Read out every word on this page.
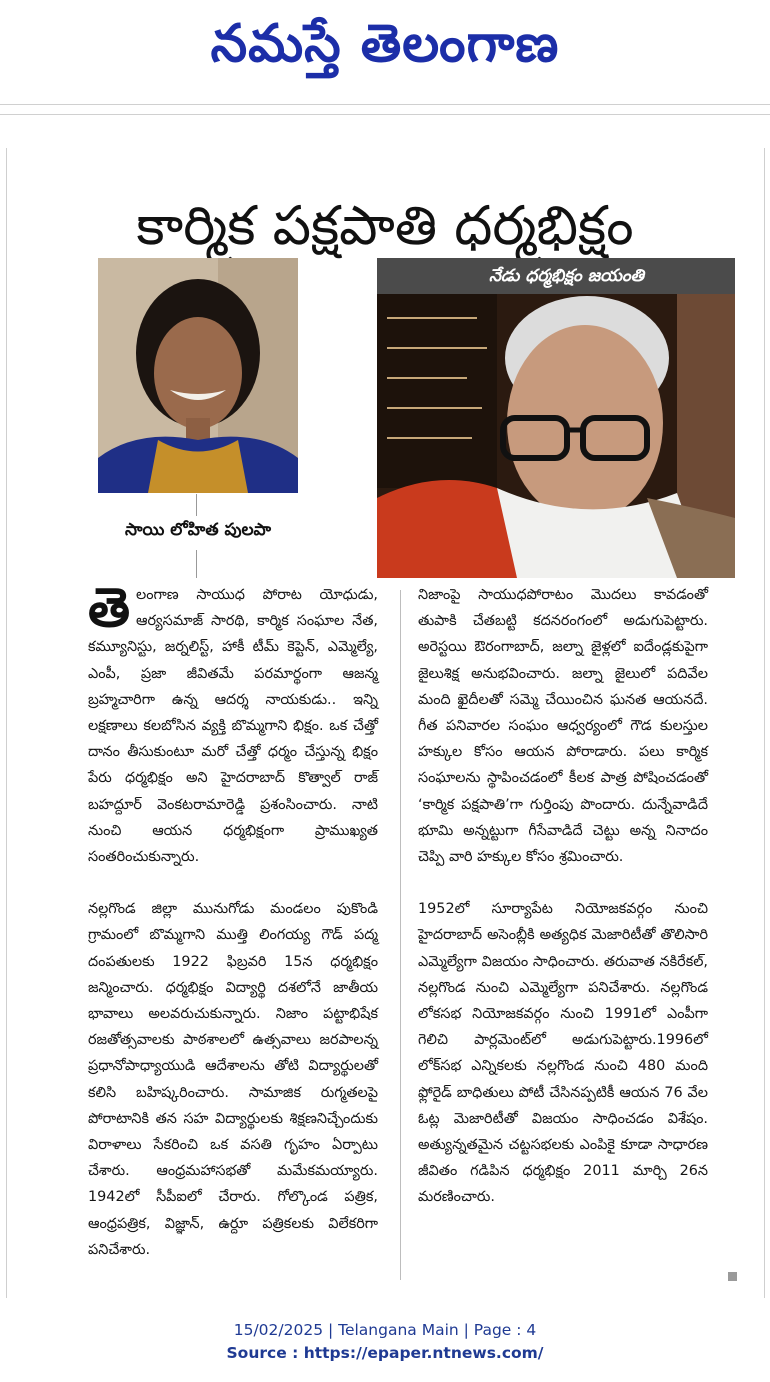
నమస్తే తెలంగాణ
కార్మిక పక్షపాతి ధర్మభిక్షం
నేడు ధర్మభిక్షం జయంతి
సాయి లోహిత పులపా

తెలంగాణ సాయుధ పోరాట యోధుడు, ఆర్యసమాజ్ సారథి, కార్మిక సంఘాల నేత, కమ్యూనిస్టు, జర్నలిస్ట్, హాకీ టీమ్ కెప్టెన్, ఎమ్మెల్యే, ఎంపీ, ప్రజా జీవితమే పరమార్థంగా ఆజన్మ బ్రహ్మచారిగా ఉన్న ఆదర్శ నాయకుడు.. ఇన్ని లక్షణాలు కలబోసిన వ్యక్తి బొమ్మగాని భిక్షం. ఒక చేత్తో దానం తీసుకుంటూ మరో చేత్తో ధర్మం చేస్తున్న భిక్షం పేరు ధర్మభిక్షం అని హైదరాబాద్ కొత్వాల్ రాజ్ బహద్దూర్ వెంకటరామారెడ్డి ప్రశంసించారు. నాటి నుంచి ఆయన ధర్మభిక్షంగా ప్రాముఖ్యత సంతరించుకున్నారు.

నల్లగొండ జిల్లా మునుగోడు మండలం పుకొండి గ్రామంలో బొమ్మగాని ముత్తి లింగయ్య గౌడ్ పద్మ దంపతులకు 1922 ఫిబ్రవరి 15న ధర్మభిక్షం జన్మించారు. ధర్మభిక్షం విద్యార్థి దశలోనే జాతీయ భావాలు అలవరుచుకున్నారు. నిజాం పట్టాభిషేక రజతోత్సవాలకు పాఠశాలలో ఉత్సవాలు జరపాలన్న ప్రధానోపాధ్యాయుడి ఆదేశాలను తోటి విద్యార్థులతో కలిసి బహిష్కరించారు. సామాజిక రుగ్మతలపై పోరాటానికి తన సహ విద్యార్థులకు శిక్షణనిచ్చేందుకు విరాళాలు సేకరించి ఒక వసతి గృహం ఏర్పాటు చేశారు. ఆంధ్రమహాసభతో మమేకమయ్యారు. 1942లో సీపీఐలో చేరారు. గోల్కొండ పత్రిక, ఆంధ్రపత్రిక, విజ్ఞాన్, ఉర్దూ పత్రికలకు విలేకరిగా పనిచేశారు.

నిజాంపై సాయుధపోరాటం మొదలు కావడంతో తుపాకి చేతబట్టి కదనరంగంలో అడుగుపెట్టారు. అరెస్టయి ఔరంగాబాద్, జల్నా జైళ్లలో ఐదేండ్లకుపైగా జైలుశిక్ష అనుభవించారు. జల్నా జైలులో పదివేల మంది ఖైదీలతో సమ్మె చేయించిన ఘనత ఆయనదే. గీత పనివారల సంఘం ఆధ్వర్యంలో గౌడ కులస్తుల హక్కుల కోసం ఆయన పోరాడారు. పలు కార్మిక సంఘాలను స్థాపించడంలో కీలక పాత్ర పోషించడంతో ‘కార్మిక పక్షపాతి’గా గుర్తింపు పొందారు. దున్నేవాడిదే భూమి అన్నట్టుగా గీసేవాడిదే చెట్టు అన్న నినాదం చెప్పి వారి హక్కుల కోసం శ్రమించారు.

1952లో సూర్యాపేట నియోజకవర్గం నుంచి హైదరాబాద్ అసెంబ్లీకి అత్యధిక మెజారిటీతో తొలిసారి ఎమ్మెల్యేగా విజయం సాధించారు. తరువాత నకిరేకల్, నల్లగొండ నుంచి ఎమ్మెల్యేగా పనిచేశారు. నల్లగొండ లోకసభ నియోజకవర్గం నుంచి 1991లో ఎంపీగా గెలిచి పార్లమెంట్‌లో అడుగుపెట్టారు.1996లో లోక్‌సభ ఎన్నికలకు నల్లగొండ నుంచి 480 మంది ఫ్లోరైడ్ బాధితులు పోటీ చేసినప్పటికీ ఆయన 76 వేల ఓట్ల మెజారిటీతో విజయం సాధించడం విశేషం. అత్యున్నతమైన చట్టసభలకు ఎంపికై కూడా సాధారణ జీవితం గడిపిన ధర్మభిక్షం 2011 మార్చి 26న మరణించారు.

15/02/2025 | Telangana Main | Page : 4
Source : https://epaper.ntnews.com/
